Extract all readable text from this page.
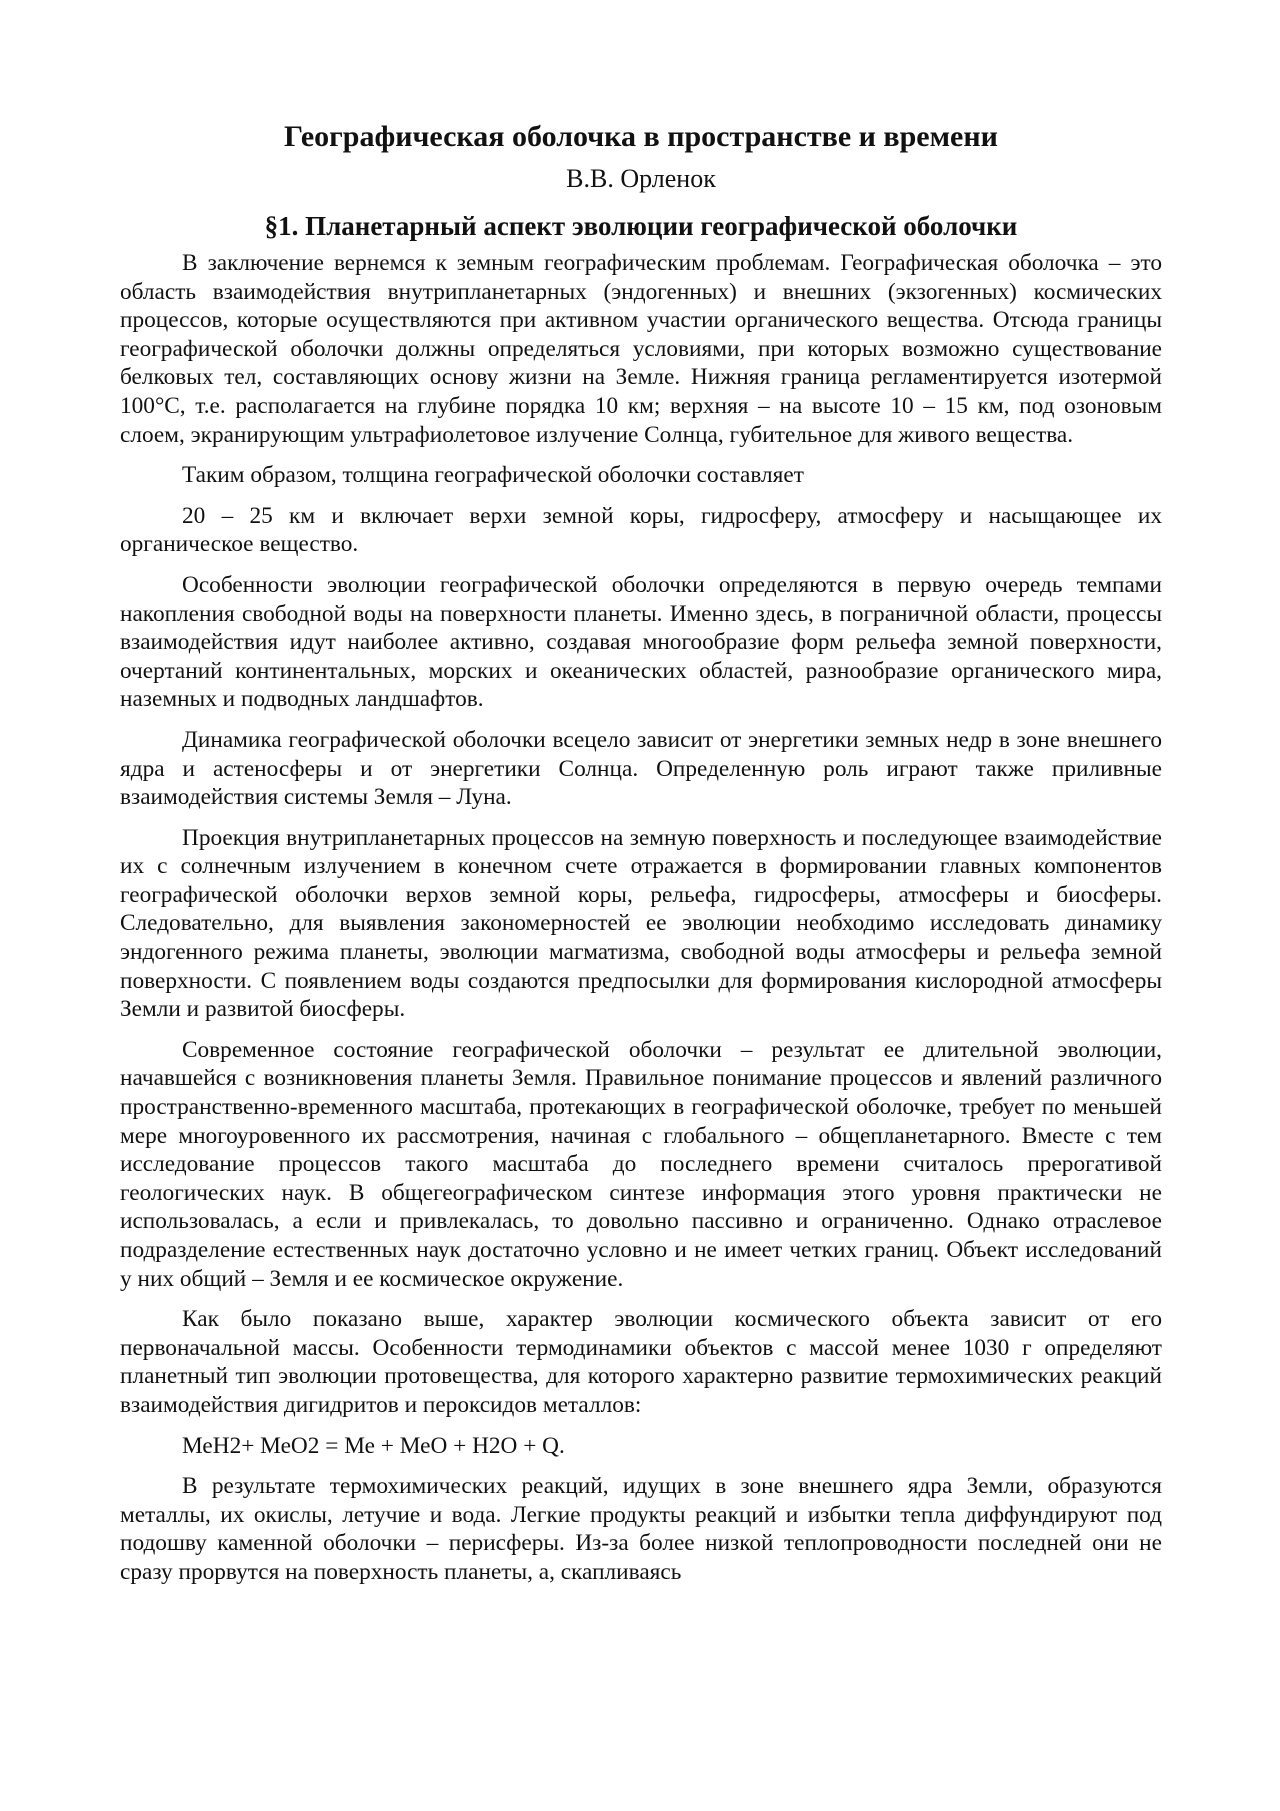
Географическая оболочка в пространстве и времени
В.В. Орленок
§1. Планетарный аспект эволюции географической оболочки

В заключение вернемся к земным географическим проблемам. Географическая оболочка – это область взаимодействия внутрипланетарных (эндогенных) и внешних (экзогенных) космических процессов, которые осуществляются при активном участии органического вещества. Отсюда границы географической оболочки должны определяться условиями, при которых возможно существование белковых тел, составляющих основу жизни на Земле. Нижняя граница регламентируется изотермой 100°С, т.е. располагается на глубине порядка 10 км; верхняя – на высоте 10 – 15 км, под озоновым слоем, экранирующим ультрафиолетовое излучение Солнца, губительное для живого вещества.

Таким образом, толщина географической оболочки составляет

20 – 25 км и включает верхи земной коры, гидросферу, атмосферу и насыщающее их органическое вещество.

Особенности эволюции географической оболочки определяются в первую очередь темпами накопления свободной воды на поверхности планеты. Именно здесь, в пограничной области, процессы взаимодействия идут наиболее активно, создавая многообразие форм рельефа земной поверхности, очертаний континентальных, морских и океанических областей, разнообразие органического мира, наземных и подводных ландшафтов.

Динамика географической оболочки всецело зависит от энергетики земных недр в зоне внешнего ядра и астеносферы и от энергетики Солнца. Определенную роль играют также приливные взаимодействия системы Земля – Луна.

Проекция внутрипланетарных процессов на земную поверхность и последующее взаимодействие их с солнечным излучением в конечном счете отражается в формировании главных компонентов географической оболочки верхов земной коры, рельефа, гидросферы, атмосферы и биосферы. Следовательно, для выявления закономерностей ее эволюции необходимо исследовать динамику эндогенного режима планеты, эволюции магматизма, свободной воды атмосферы и рельефа земной поверхности. С появлением воды создаются предпосылки для формирования кислородной атмосферы Земли и развитой биосферы.

Современное состояние географической оболочки – результат ее длительной эволюции, начавшейся с возникновения планеты Земля. Правильное понимание процессов и явлений различного пространственно-временного масштаба, протекающих в географической оболочке, требует по меньшей мере многоуровенного их рассмотрения, начиная с глобального – общепланетарного. Вместе с тем исследование процессов такого масштаба до последнего времени считалось прерогативой геологических наук. В общегеографическом синтезе информация этого уровня практически не использовалась, а если и привлекалась, то довольно пассивно и ограниченно. Однако отраслевое подразделение естественных наук достаточно условно и не имеет четких границ. Объект исследований у них общий – Земля и ее космическое окружение.

Как было показано выше, характер эволюции космического объекта зависит от его первоначальной массы. Особенности термодинамики объектов с массой менее 1030 г определяют планетный тип эволюции протовещества, для которого характерно развитие термохимических реакций взаимодействия дигидритов и пероксидов металлов:

МеН2+ МеО2 = Ме + МеО + Н2О + Q.

В результате термохимических реакций, идущих в зоне внешнего ядра Земли, образуются металлы, их окислы, летучие и вода. Легкие продукты реакций и избытки тепла диффундируют под подошву каменной оболочки – перисферы. Из-за более низкой теплопроводности последней они не сразу прорвутся на поверхность планеты, а, скапливаясь
